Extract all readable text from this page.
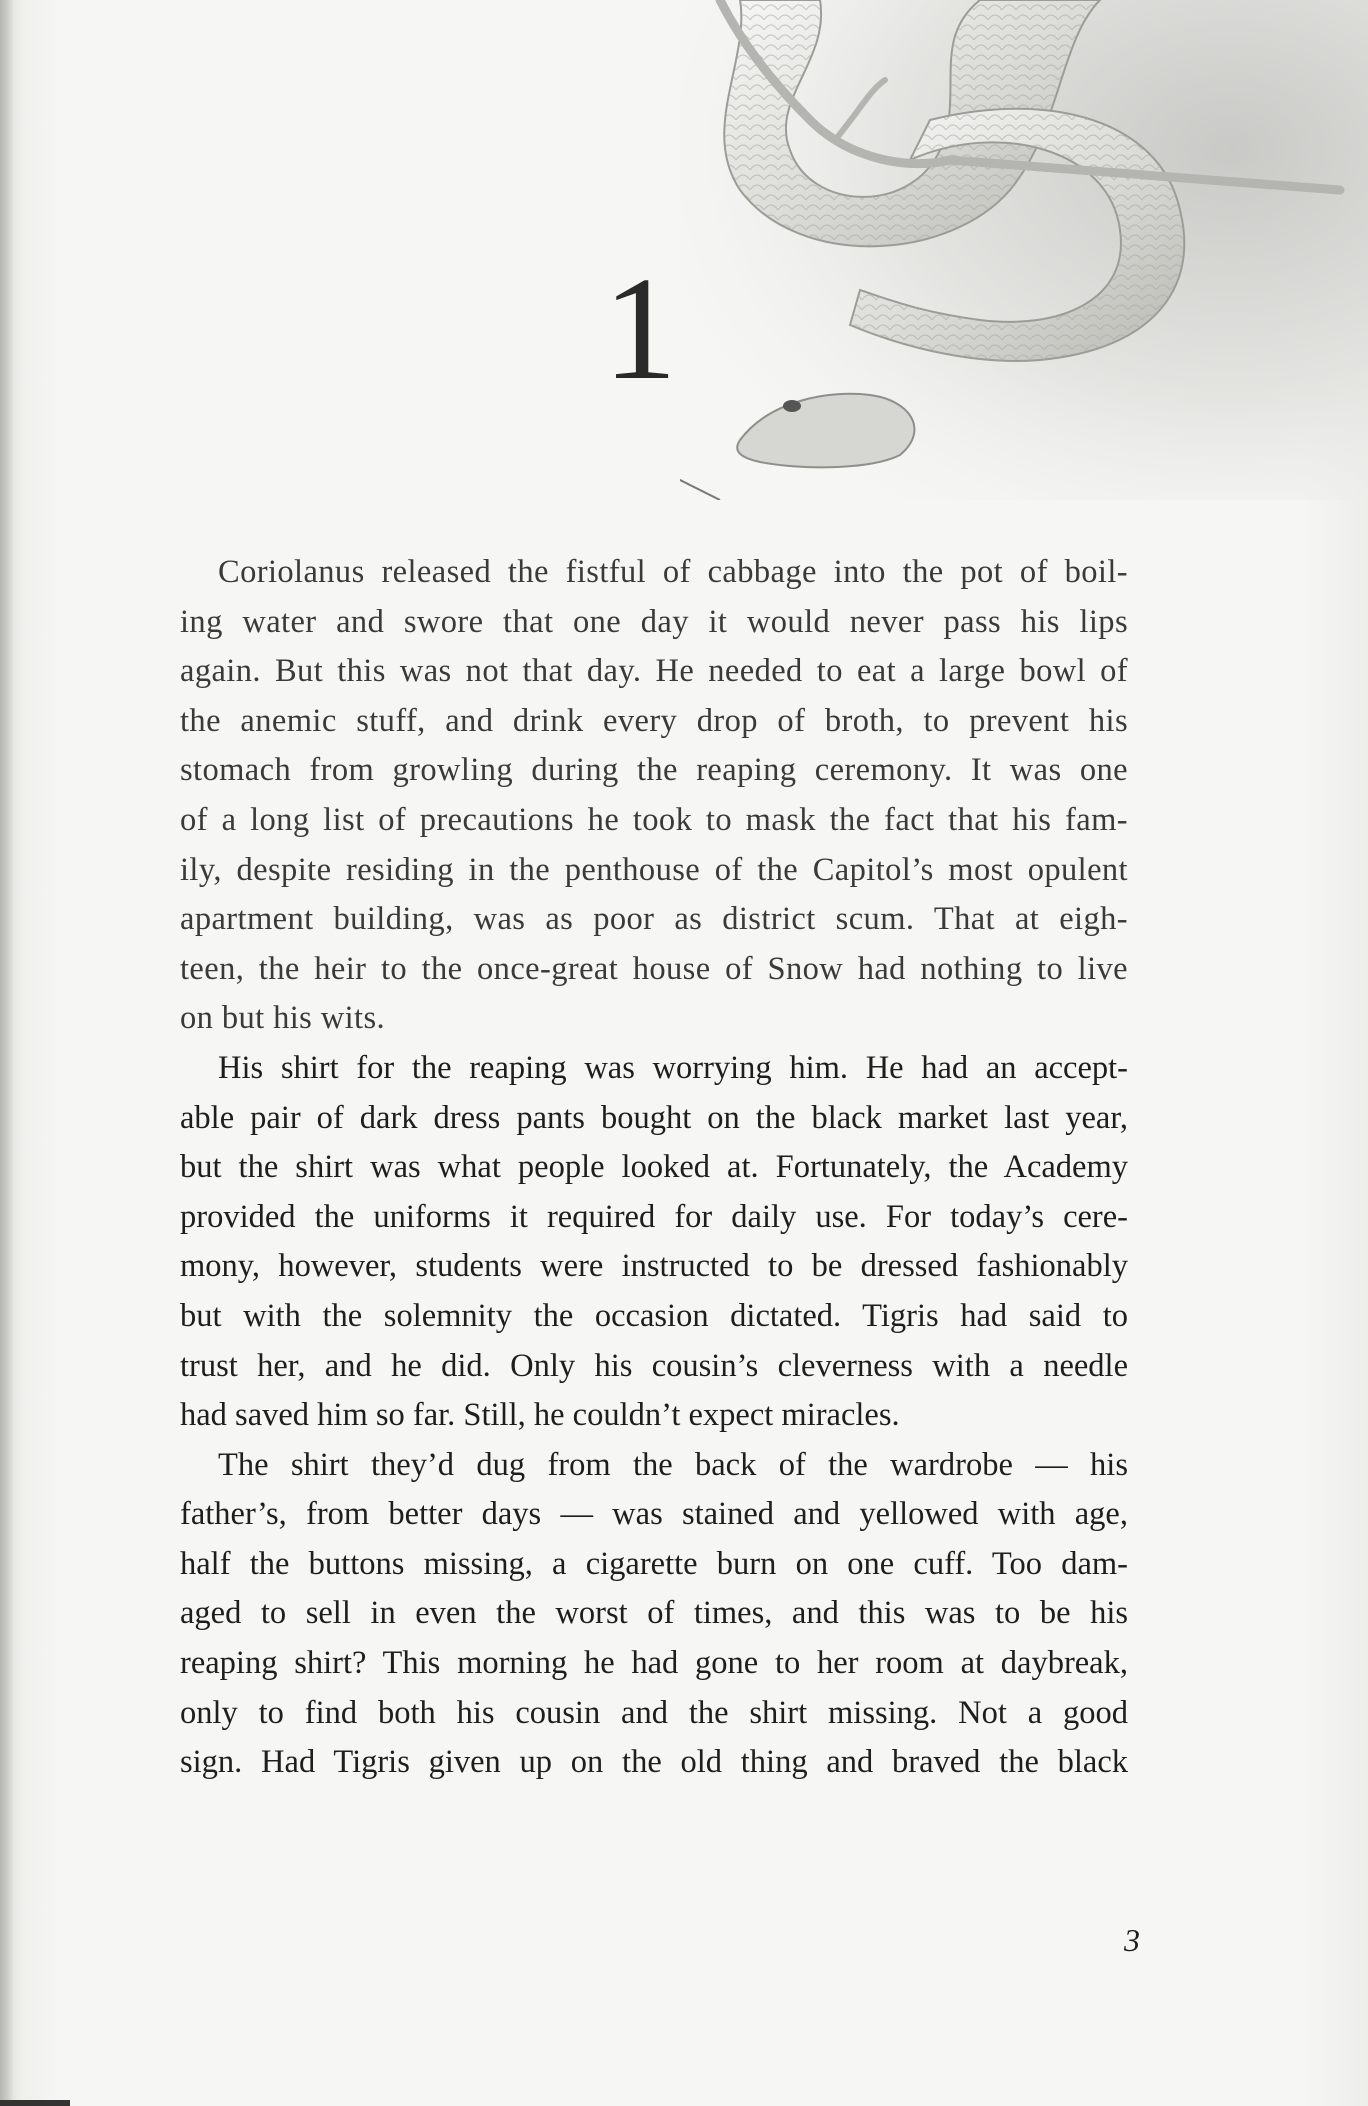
1

Coriolanus released the fistful of cabbage into the pot of boil-
ing water and swore that one day it would never pass his lips
again. But this was not that day. He needed to eat a large bowl of
the anemic stuff, and drink every drop of broth, to prevent his
stomach from growling during the reaping ceremony. It was one
of a long list of precautions he took to mask the fact that his fam-
ily, despite residing in the penthouse of the Capitol’s most opulent
apartment building, was as poor as district scum. That at eigh-
teen, the heir to the once-great house of Snow had nothing to live
on but his wits.

His shirt for the reaping was worrying him. He had an accept-
able pair of dark dress pants bought on the black market last year,
but the shirt was what people looked at. Fortunately, the Academy
provided the uniforms it required for daily use. For today’s cere-
mony, however, students were instructed to be dressed fashionably
but with the solemnity the occasion dictated. Tigris had said to
trust her, and he did. Only his cousin’s cleverness with a needle
had saved him so far. Still, he couldn’t expect miracles.

The shirt they’d dug from the back of the wardrobe — his
father’s, from better days — was stained and yellowed with age,
half the buttons missing, a cigarette burn on one cuff. Too dam-
aged to sell in even the worst of times, and this was to be his
reaping shirt? This morning he had gone to her room at daybreak,
only to find both his cousin and the shirt missing. Not a good
sign. Had Tigris given up on the old thing and braved the black

3
